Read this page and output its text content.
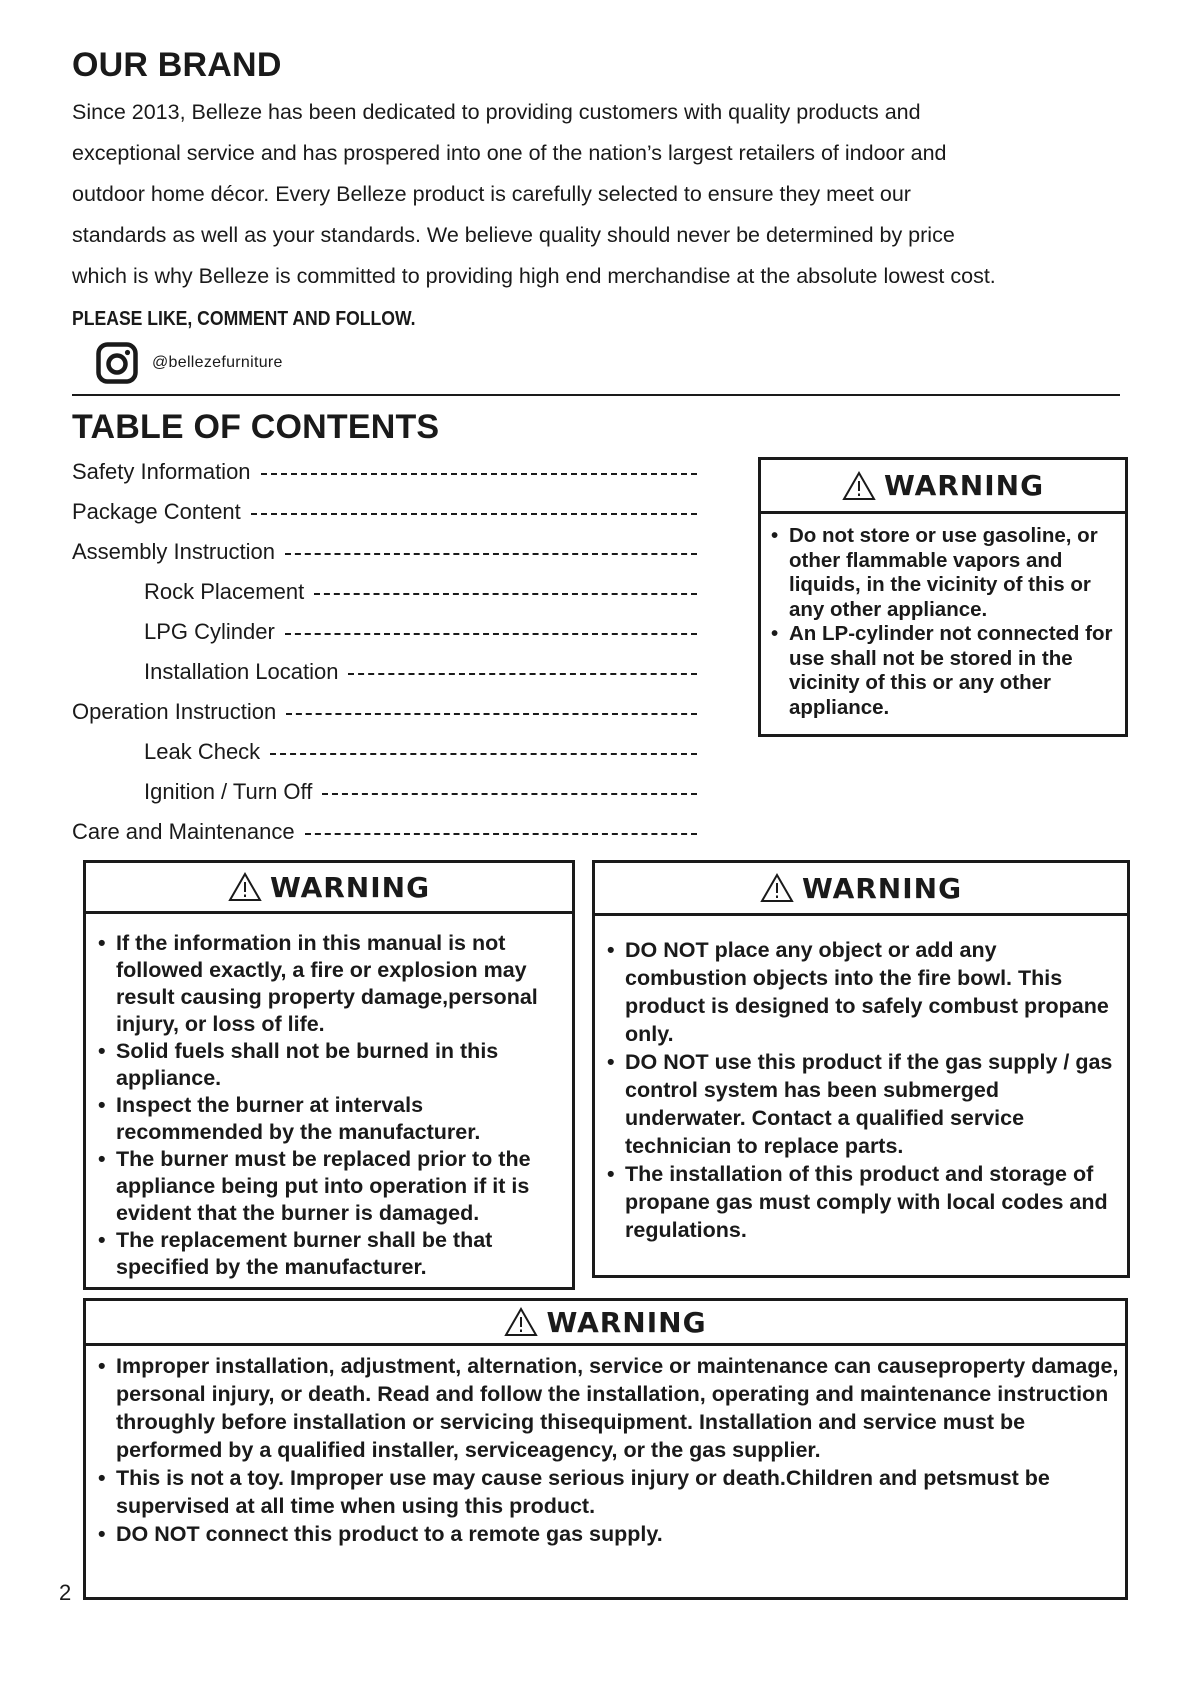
OUR BRAND

Since 2013, Belleze has been dedicated to providing customers with quality products and
exceptional service and has prospered into one of the nation’s largest retailers of indoor and
outdoor home décor. Every Belleze product is carefully selected to ensure they meet our
standards as well as your standards. We believe quality should never be determined by price
which is why Belleze is committed to providing high end merchandise at the absolute lowest cost.

PLEASE LIKE, COMMENT AND FOLLOW.
@bellezefurniture
TABLE OF CONTENTS
Safety Information
Package Content
Assembly Instruction
Rock Placement
LPG Cylinder
Installation Location
Operation Instruction
Leak Check
Ignition / Turn Off
Care and Maintenance
WARNING
• Do not store or use gasoline, or other flammable vapors and liquids, in the vicinity of this or any other appliance.
• An LP-cylinder not connected for use shall not be stored in the vicinity of this or any other appliance.
WARNING
• If the information in this manual is not followed exactly, a fire or explosion may result causing property damage,personal injury, or loss of life.
• Solid fuels shall not be burned in this appliance.
• Inspect the burner at intervals recommended by the manufacturer.
• The burner must be replaced prior to the appliance being put into operation if it is evident that the burner is damaged.
• The replacement burner shall be that specified by the manufacturer.
WARNING
• DO NOT place any object or add any combustion objects into the fire bowl. This product is designed to safely combust propane only.
• DO NOT use this product if the gas supply / gas control system has been submerged underwater. Contact a qualified service technician to replace parts.
• The installation of this product and storage of propane gas must comply with local codes and regulations.
WARNING
• Improper installation, adjustment, alternation, service or maintenance can causeproperty damage, personal injury, or death. Read and follow the installation, operating and maintenance instruction throughly before installation or servicing thisequipment. Installation and service must be performed by a qualified installer, serviceagency, or the gas supplier.
• This is not a toy. Improper use may cause serious injury or death.Children and petsmust be supervised at all time when using this product.
• DO NOT connect this product to a remote gas supply.
2
